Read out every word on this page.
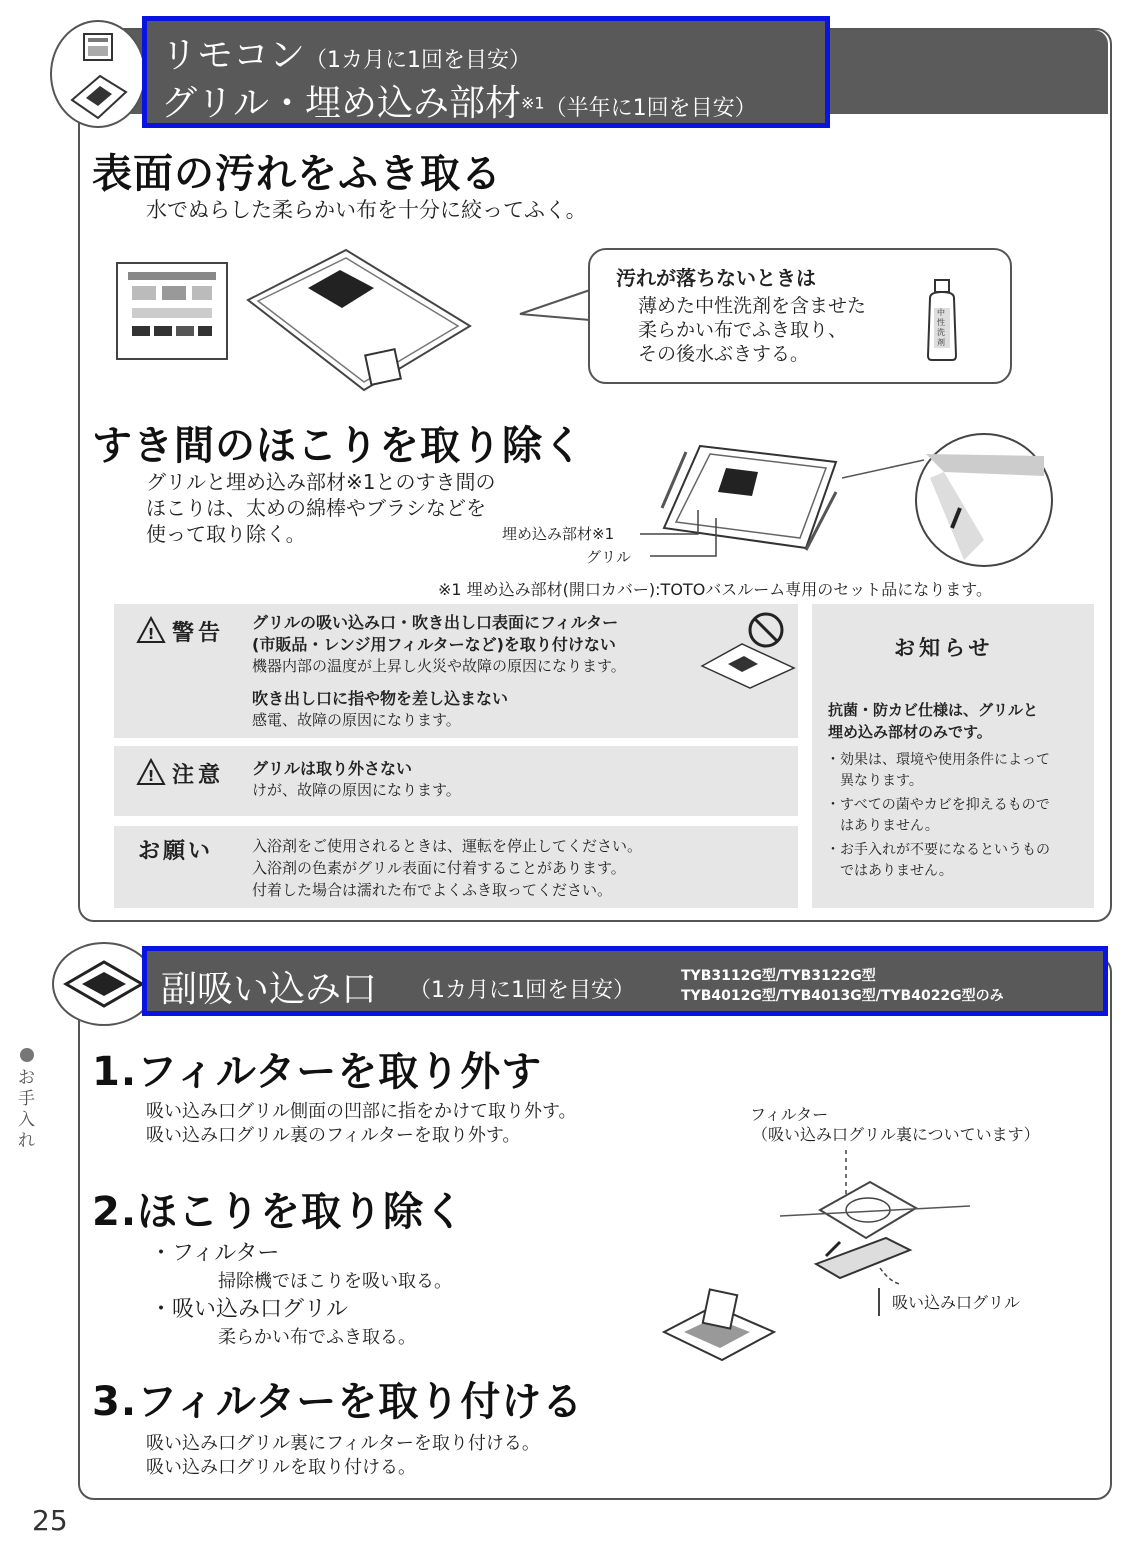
リモコン（1カ月に1回を目安）
グリル・埋め込み部材$^{※1}$（半年に1回を目安）
表面の汚れをふき取る
水でぬらした柔らかい布を十分に絞ってふく。
汚れが落ちないときは
薄めた中性洗剤を含ませた
柔らかい布でふき取り、
その後水ぶきする。
中性洗剤
すき間のほこりを取り除く
グリルと埋め込み部材※1とのすき間の
ほこりは、太めの綿棒やブラシなどを
使って取り除く。	埋め込み部材※1
グリル
※1 埋め込み部材(開口カバー):TOTOバスルーム専用のセット品になります。
! 警告 グリルの吸い込み口・吹き出し口表面にフィルター
(市販品・レンジ用フィルターなど)を取り付けない
機器内部の温度が上昇し火災や故障の原因になります。
吹き出し口に指や物を差し込まない
感電、故障の原因になります。
! 注意 グリルは取り外さない
けが、故障の原因になります。
お願い	入浴剤をご使用されるときは、運転を停止してください。
入浴剤の色素がグリル表面に付着することがあります。
付着した場合は濡れた布でよくふき取ってください。
お知らせ
抗菌・防カビ仕様は、グリルと
埋め込み部材のみです。
・効果は、環境や使用条件によって
　異なります。
・すべての菌やカビを抑えるもので
　はありません。
・お手入れが不要になるというもの
　ではありません。
副吸い込み口 （1カ月に1回を目安）
TYB3112G型/TYB3122G型
TYB4012G型/TYB4013G型/TYB4022G型のみ
お手入れ
1.フィルターを取り外す
吸い込み口グリル側面の凹部に指をかけて取り外す。
吸い込み口グリル裏のフィルターを取り外す。
2.ほこりを取り除く
・フィルター
掃除機でほこりを吸い取る。
・吸い込み口グリル
柔らかい布でふき取る。
3.フィルターを取り付ける
吸い込み口グリル裏にフィルターを取り付ける。
吸い込み口グリルを取り付ける。
フィルター
（吸い込み口グリル裏についています）
吸い込み口グリル
25
